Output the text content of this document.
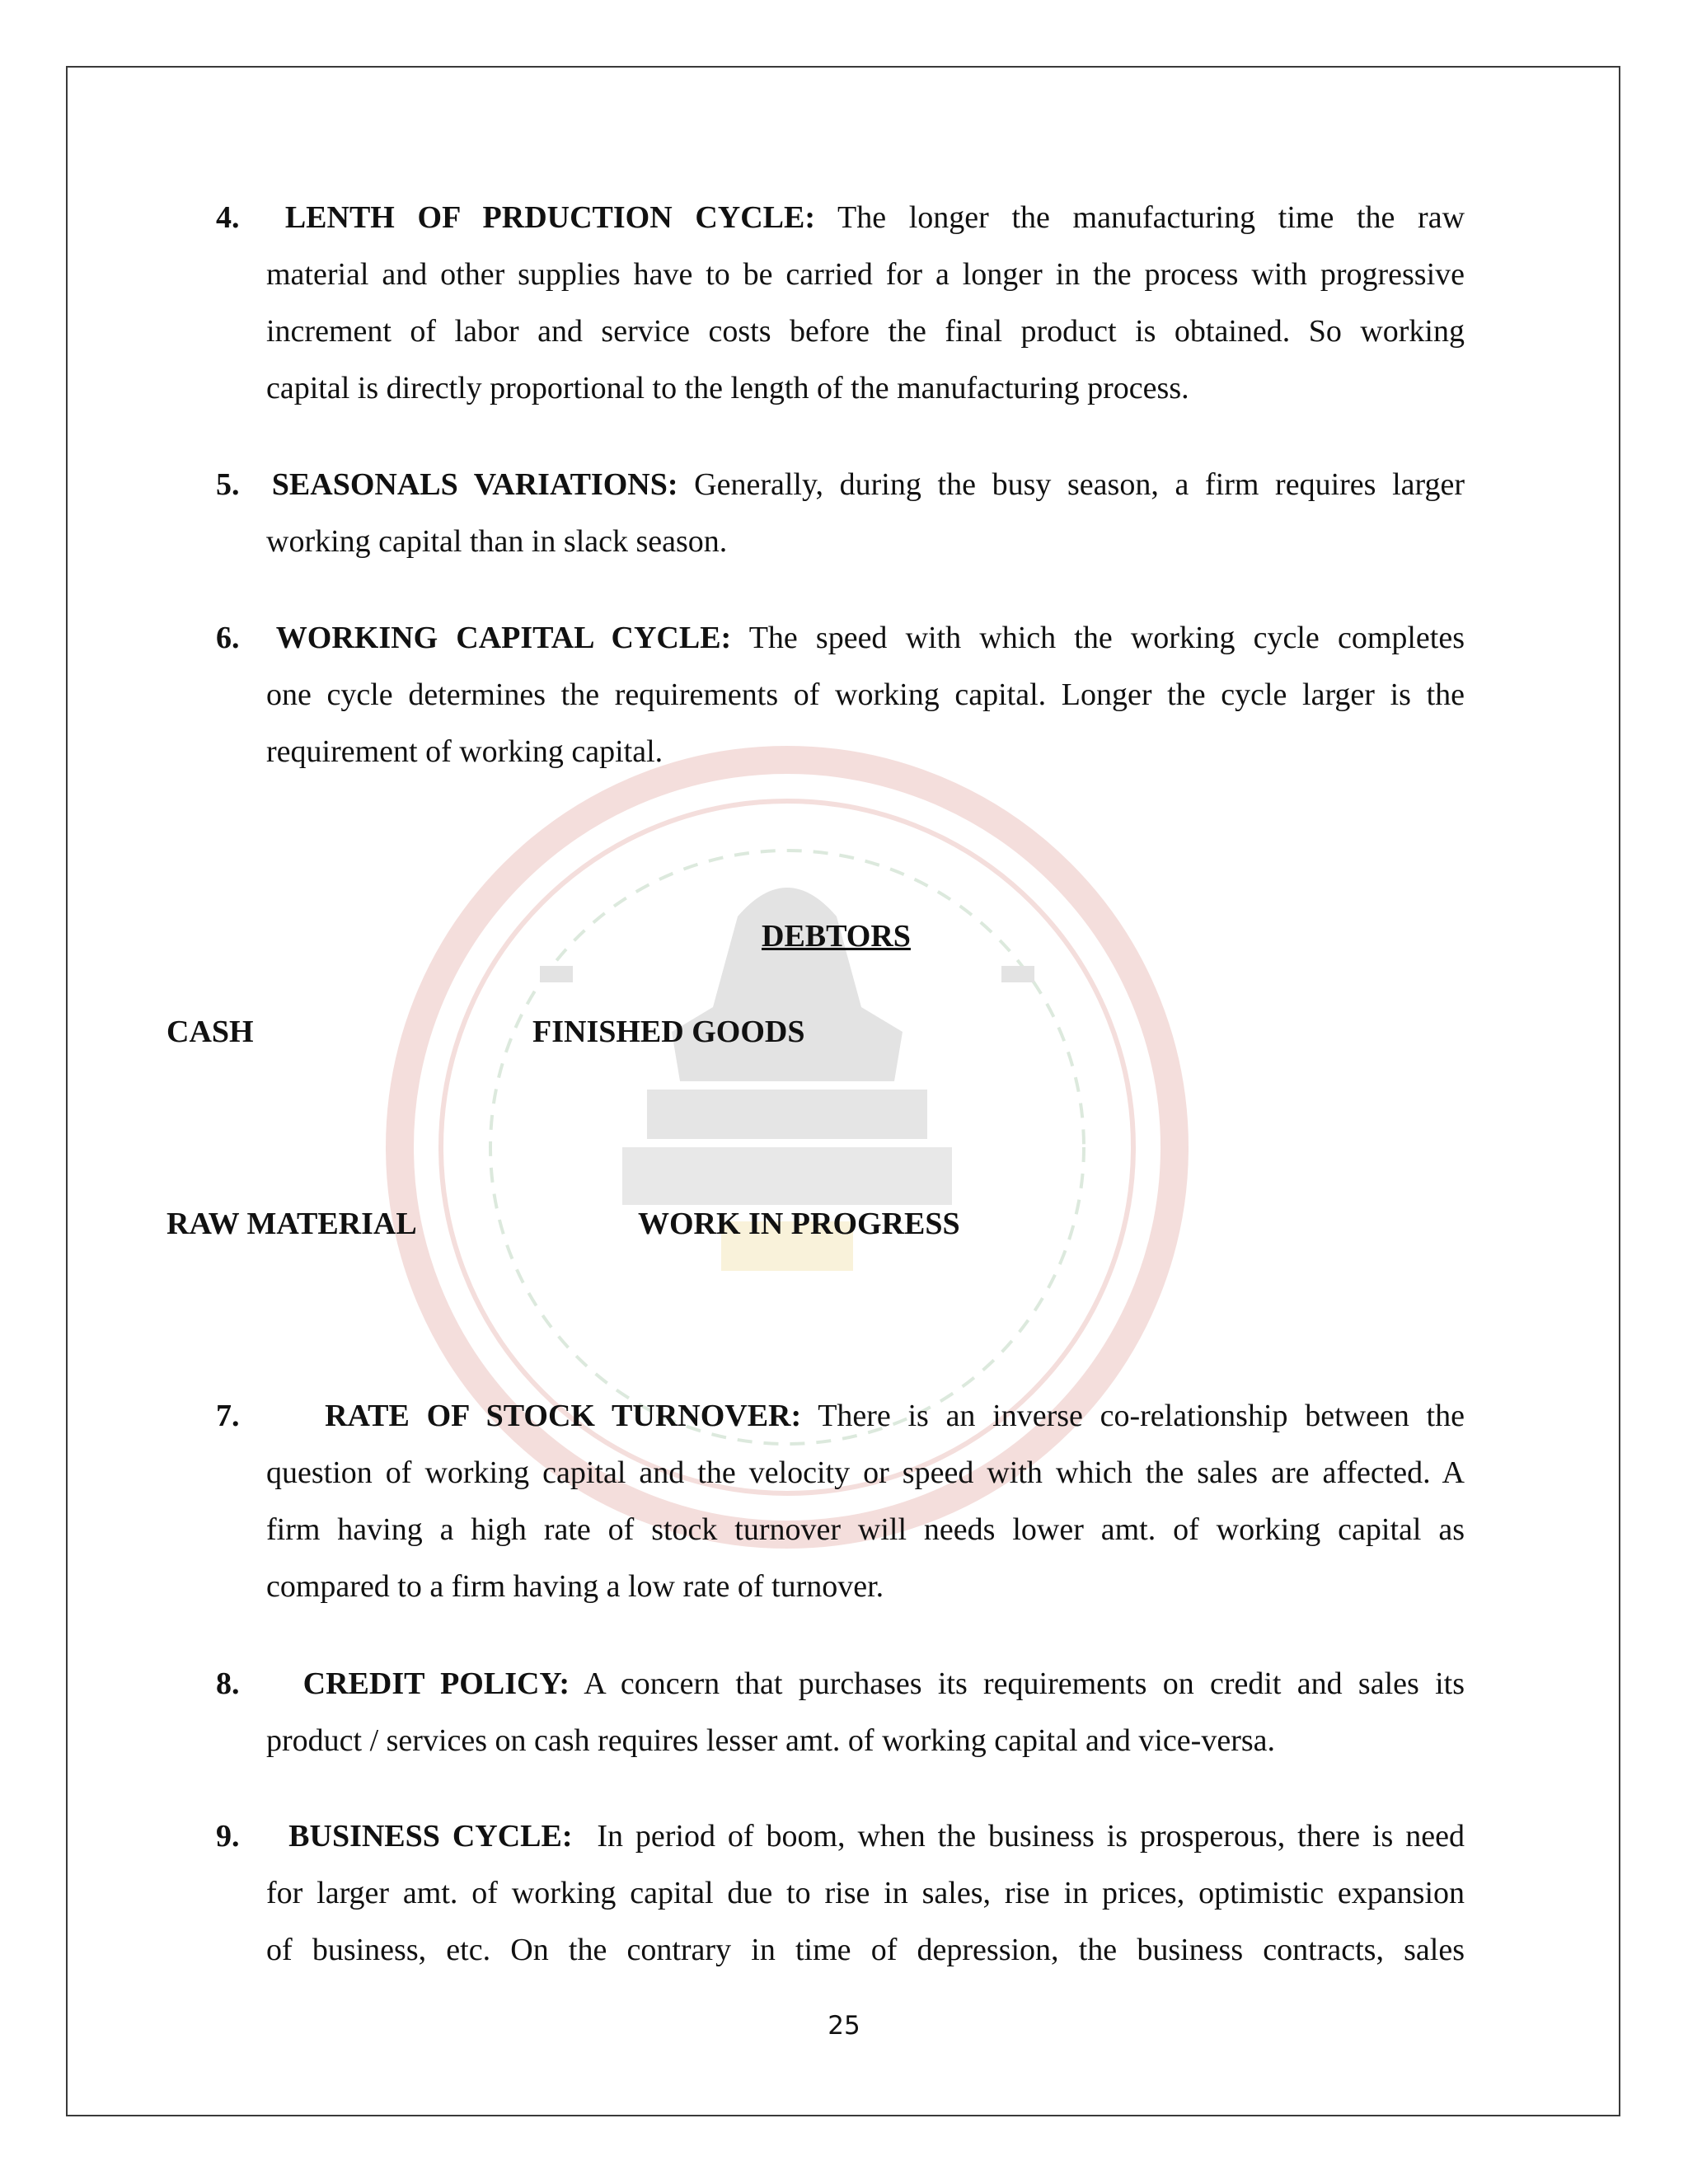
4. LENTH OF PRDUCTION CYCLE: The longer the manufacturing time the raw
material and other supplies have to be carried for a longer in the process with progressive
increment of labor and service costs before the final product is obtained. So working
capital is directly proportional to the length of the manufacturing process.
5. SEASONALS VARIATIONS: Generally, during the busy season, a firm requires larger
working capital than in slack season.
6. WORKING CAPITAL CYCLE: The speed with which the working cycle completes
one cycle determines the requirements of working capital. Longer the cycle larger is the
requirement of working capital.
DEBTORS
CASH	FINISHED GOODS
RAW MATERIAL	WORK IN PROGRESS
7.	RATE OF STOCK TURNOVER: There is an inverse co-relationship between the
question of working capital and the velocity or speed with which the sales are affected. A
firm having a high rate of stock turnover will needs lower amt. of working capital as
compared to a firm having a low rate of turnover.
8. CREDIT POLICY: A concern that purchases its requirements on credit and sales its
product / services on cash requires lesser amt. of working capital and vice-versa.
9. BUSINESS CYCLE: In period of boom, when the business is prosperous, there is need
for larger amt. of working capital due to rise in sales, rise in prices, optimistic expansion
of business, etc. On the contrary in time of depression, the business contracts, sales
25
